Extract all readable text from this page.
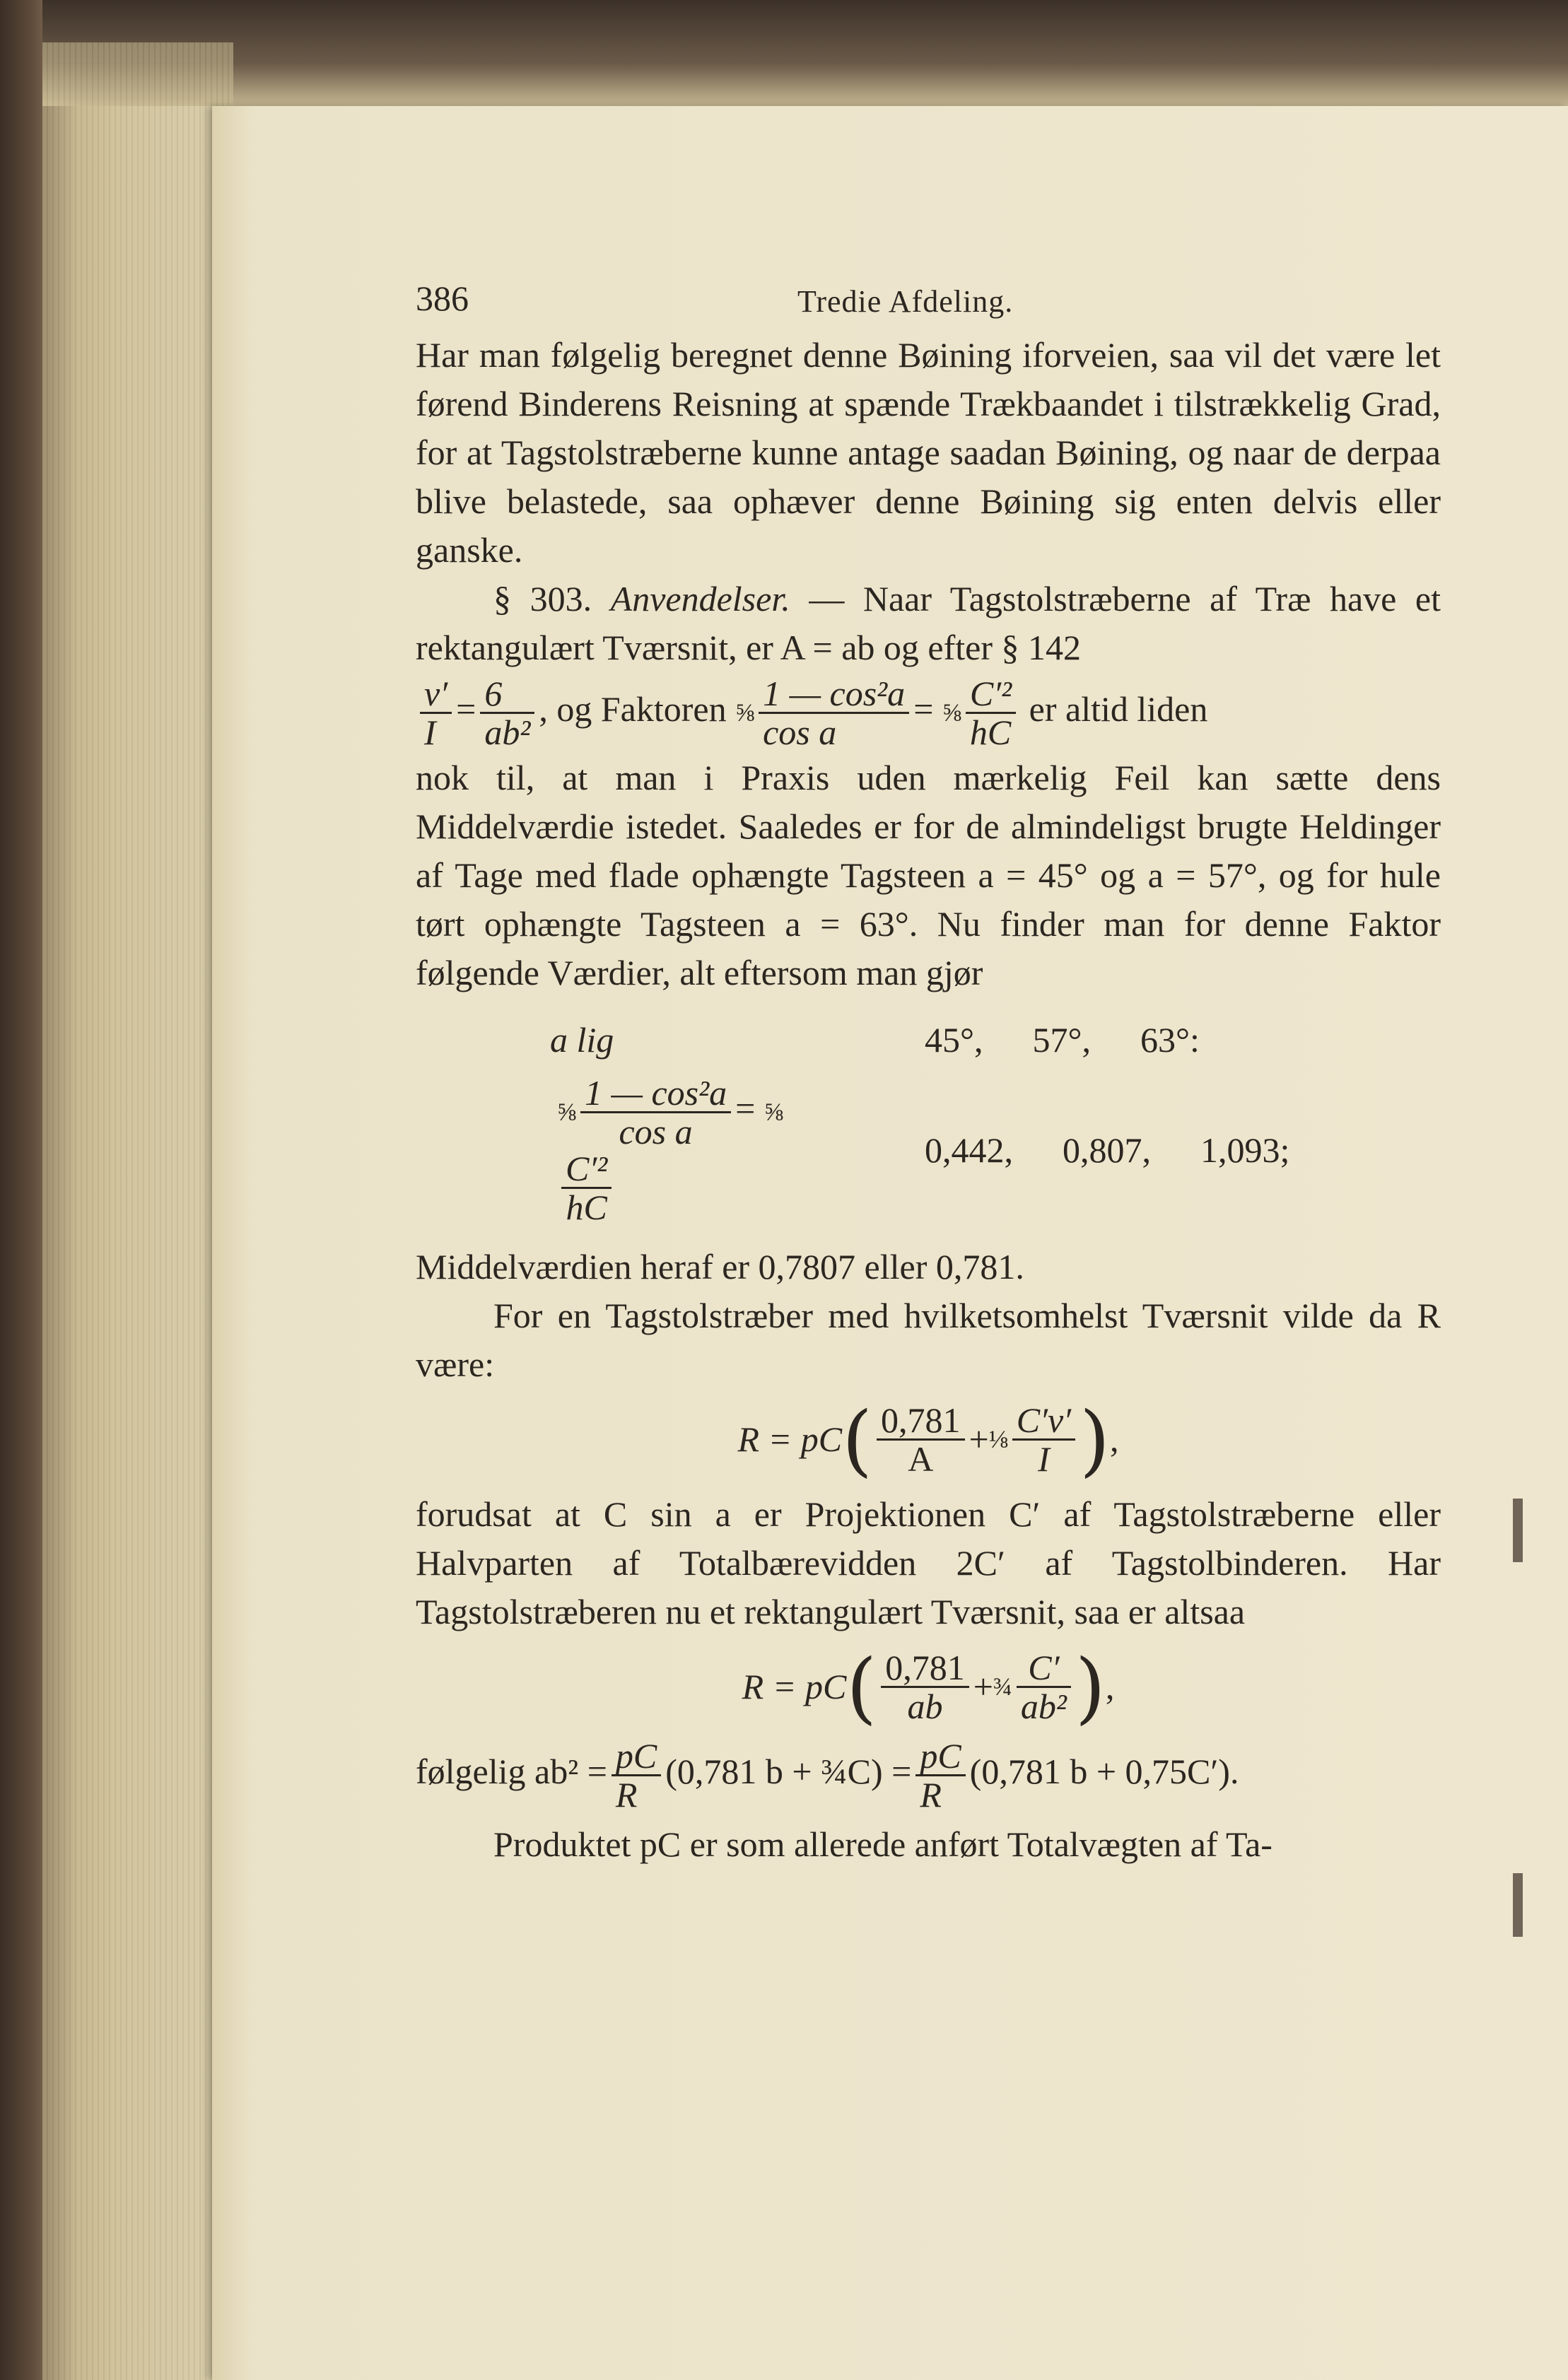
386	Tredie Afdeling.

Har man følgelig beregnet denne Bøining iforveien, saa vil det være let førend Binderens Reisning at spænde Trækbaandet i tilstrækkelig Grad, for at Tagstolstræberne kunne antage saadan Bøining, og naar de derpaa blive belastede, saa ophæver denne Bøining sig enten delvis eller ganske.

§ 303. Anvendelser. — Naar Tagstolstræberne af Træ have et rektangulært Tværsnit, er A = ab og efter § 142

$\frac{v'}{I} = \frac{6}{\text{ab²}}$ , og Faktoren ⅝ $\frac{\text{1 — cos²a}}{\text{cos a}}$ = ⅝ $\frac{\text{C′²}}{hC}$ er altid liden

nok til, at man i Praxis uden mærkelig Feil kan sætte dens Middelværdie istedet. Saaledes er for de almindeligst brugte Heldinger af Tage med flade ophængte Tagsteen a = 45° og a = 57°, og for hule tørt ophængte Tagsteen a = 63°. Nu finder man for denne Faktor følgende Værdier, alt eftersom man gjør

a lig	45°, 57°, 63°:
⅝ $\frac{\text{1 — cos²a}}{\text{cos a}}$ = ⅝
$\frac{\text{C′²}}{hC}$
0,442, 0,807, 1,093;

Middelværdien heraf er 0,7807 eller 0,781.

For en Tagstolstræber med hvilketsomhelst Tværsnit vilde da R være:

R = pC ( $\frac{0,781}{A}$ + ⅛ $\frac{C'v'}{I}$ ) ,

forudsat at C sin a er Projektionen C′ af Tagstolstræberne eller Halvparten af Totalbærevidden 2C′ af Tagstolbinderen. Har Tagstolstræberen nu et rektangulært Tværsnit, saa er altsaa

R = pC ( $\frac{0,781}{ab}$ + ¾ $\frac{C'}{\text{ab²}}$ ) ,

følgelig $ab^2 = \frac{pC}{R} (0,781$ b + ¾C) = $\frac{pC}{R} (0,781$ b + 0,75C′).

Produktet pC er som allerede anført Totalvægten af Ta-
